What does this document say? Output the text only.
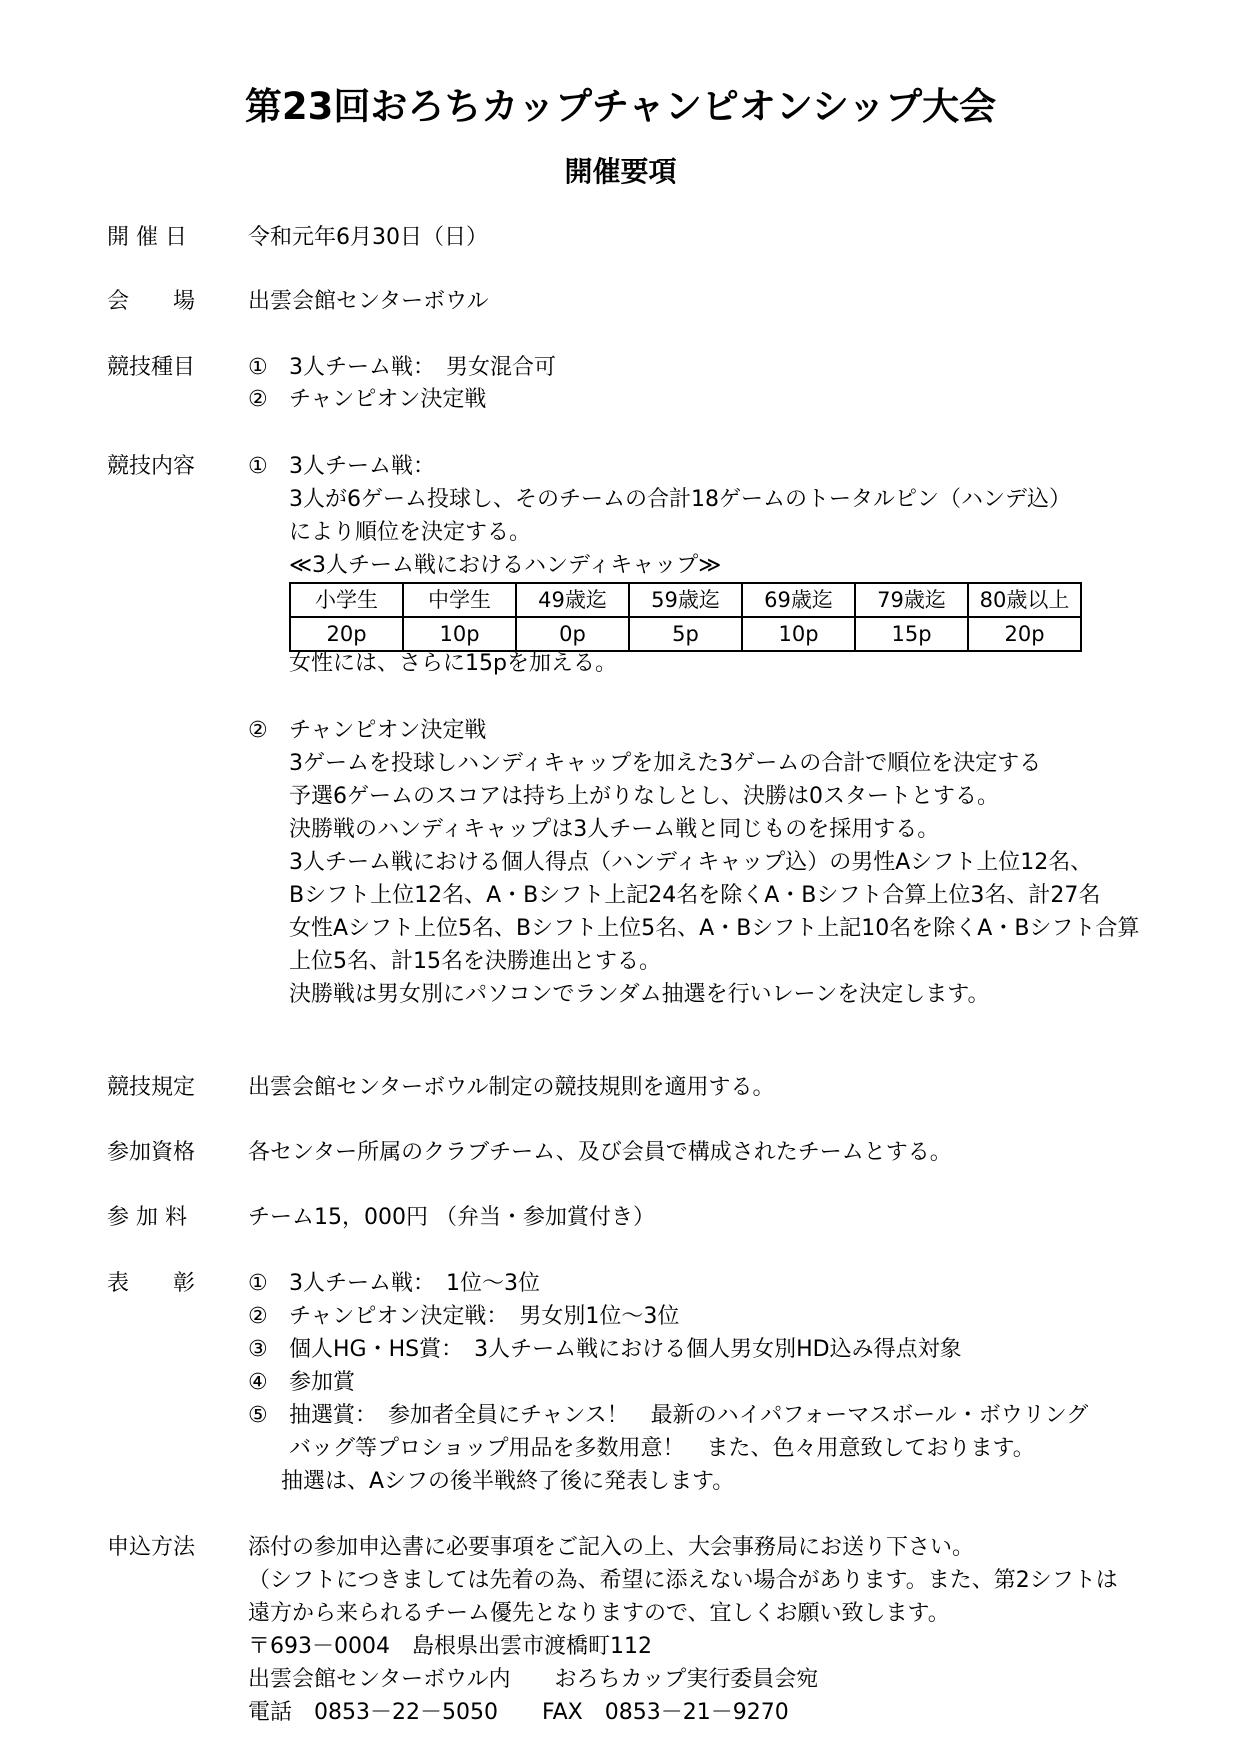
第23回おろちカップチャンピオンシップ大会
開催要項
開 催 日	令和元年6月30日（日）
会　　場 出雲会館センターボウル
競技種目 ① 3人チーム戦：　男女混合可
② チャンピオン決定戦
競技内容 ① 3人チーム戦：
3人が6ゲーム投球し、そのチームの合計18ゲームのトータルピン（ハンデ込）
により順位を決定する。
≪3人チーム戦におけるハンディキャップ≫
小学生	中学生	49歳迄	59歳迄	69歳迄	79歳迄	80歳以上
20p	10p	0p	5p	10p	15p	20p
女性には、さらに15pを加える。
② チャンピオン決定戦
3ゲームを投球しハンディキャップを加えた3ゲームの合計で順位を決定する
予選6ゲームのスコアは持ち上がりなしとし、決勝は0スタートとする。
決勝戦のハンディキャップは3人チーム戦と同じものを採用する。
3人チーム戦における個人得点（ハンディキャップ込）の男性Aシフト上位12名、
Bシフト上位12名、A・Bシフト上記24名を除くA・Bシフト合算上位3名、計27名
女性Aシフト上位5名、Bシフト上位5名、A・Bシフト上記10名を除くA・Bシフト合算
上位5名、計15名を決勝進出とする。
決勝戦は男女別にパソコンでランダム抽選を行いレーンを決定します。
競技規定 出雲会館センターボウル制定の競技規則を適用する。
参加資格 各センター所属のクラブチーム、及び会員で構成されたチームとする。
参 加 料	チーム15，000円 （弁当・参加賞付き）
表　　彰 ① 3人チーム戦：　1位～3位
② チャンピオン決定戦：　男女別1位～3位
③ 個人HG・HS賞：　3人チーム戦における個人男女別HD込み得点対象
④ 参加賞
⑤ 抽選賞：　参加者全員にチャンス！　最新のハイパフォーマスボール・ボウリング
バッグ等プロショップ用品を多数用意！　また、色々用意致しております。
抽選は、Aシフの後半戦終了後に発表します。
申込方法 添付の参加申込書に必要事項をご記入の上、大会事務局にお送り下さい。
（シフトにつきましては先着の為、希望に添えない場合があります。また、第2シフトは
遠方から来られるチーム優先となりますので、宜しくお願い致します。
〒693－0004　島根県出雲市渡橋町112
出雲会館センターボウル内　　おろちカップ実行委員会宛
電話　0853－22－5050　　FAX　0853－21－9270
